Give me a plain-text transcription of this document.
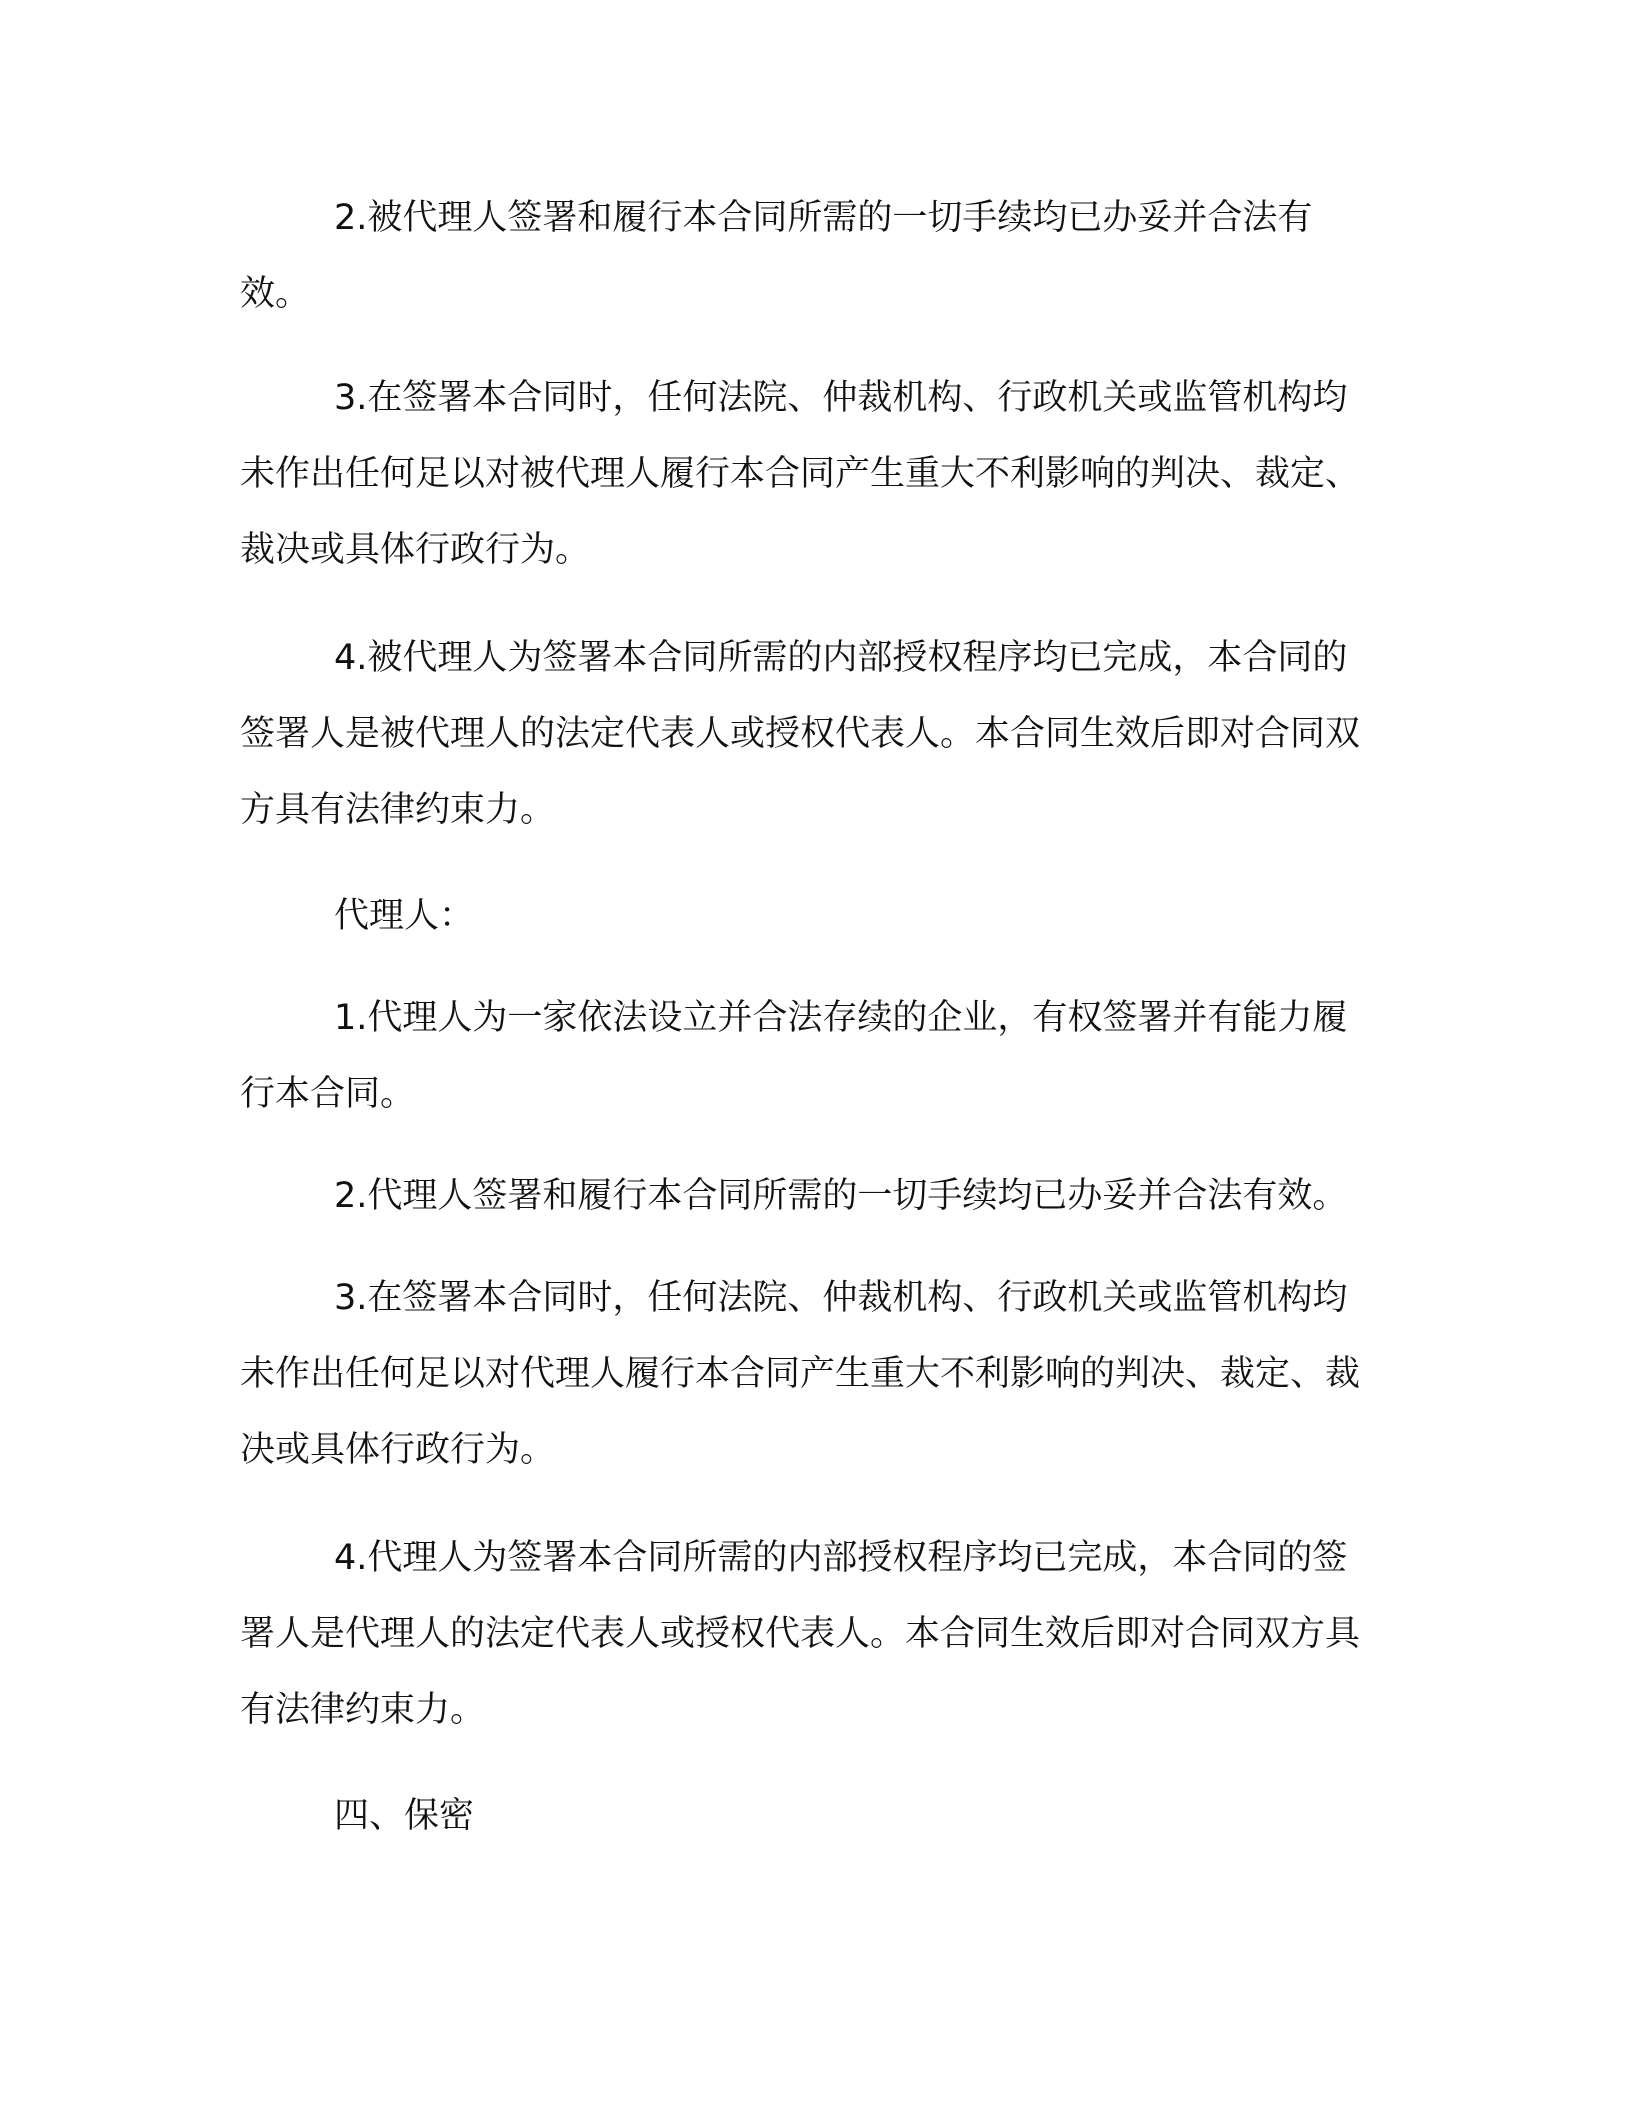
2.被代理人签署和履行本合同所需的一切手续均已办妥并合法有效。

3.在签署本合同时，任何法院、仲裁机构、行政机关或监管机构均未作出任何足以对被代理人履行本合同产生重大不利影响的判决、裁定、裁决或具体行政行为。

4.被代理人为签署本合同所需的内部授权程序均已完成，本合同的签署人是被代理人的法定代表人或授权代表人。本合同生效后即对合同双方具有法律约束力。

代理人：

1.代理人为一家依法设立并合法存续的企业，有权签署并有能力履行本合同。

2.代理人签署和履行本合同所需的一切手续均已办妥并合法有效。

3.在签署本合同时，任何法院、仲裁机构、行政机关或监管机构均未作出任何足以对代理人履行本合同产生重大不利影响的判决、裁定、裁决或具体行政行为。

4.代理人为签署本合同所需的内部授权程序均已完成，本合同的签署人是代理人的法定代表人或授权代表人。本合同生效后即对合同双方具有法律约束力。

四、保密
